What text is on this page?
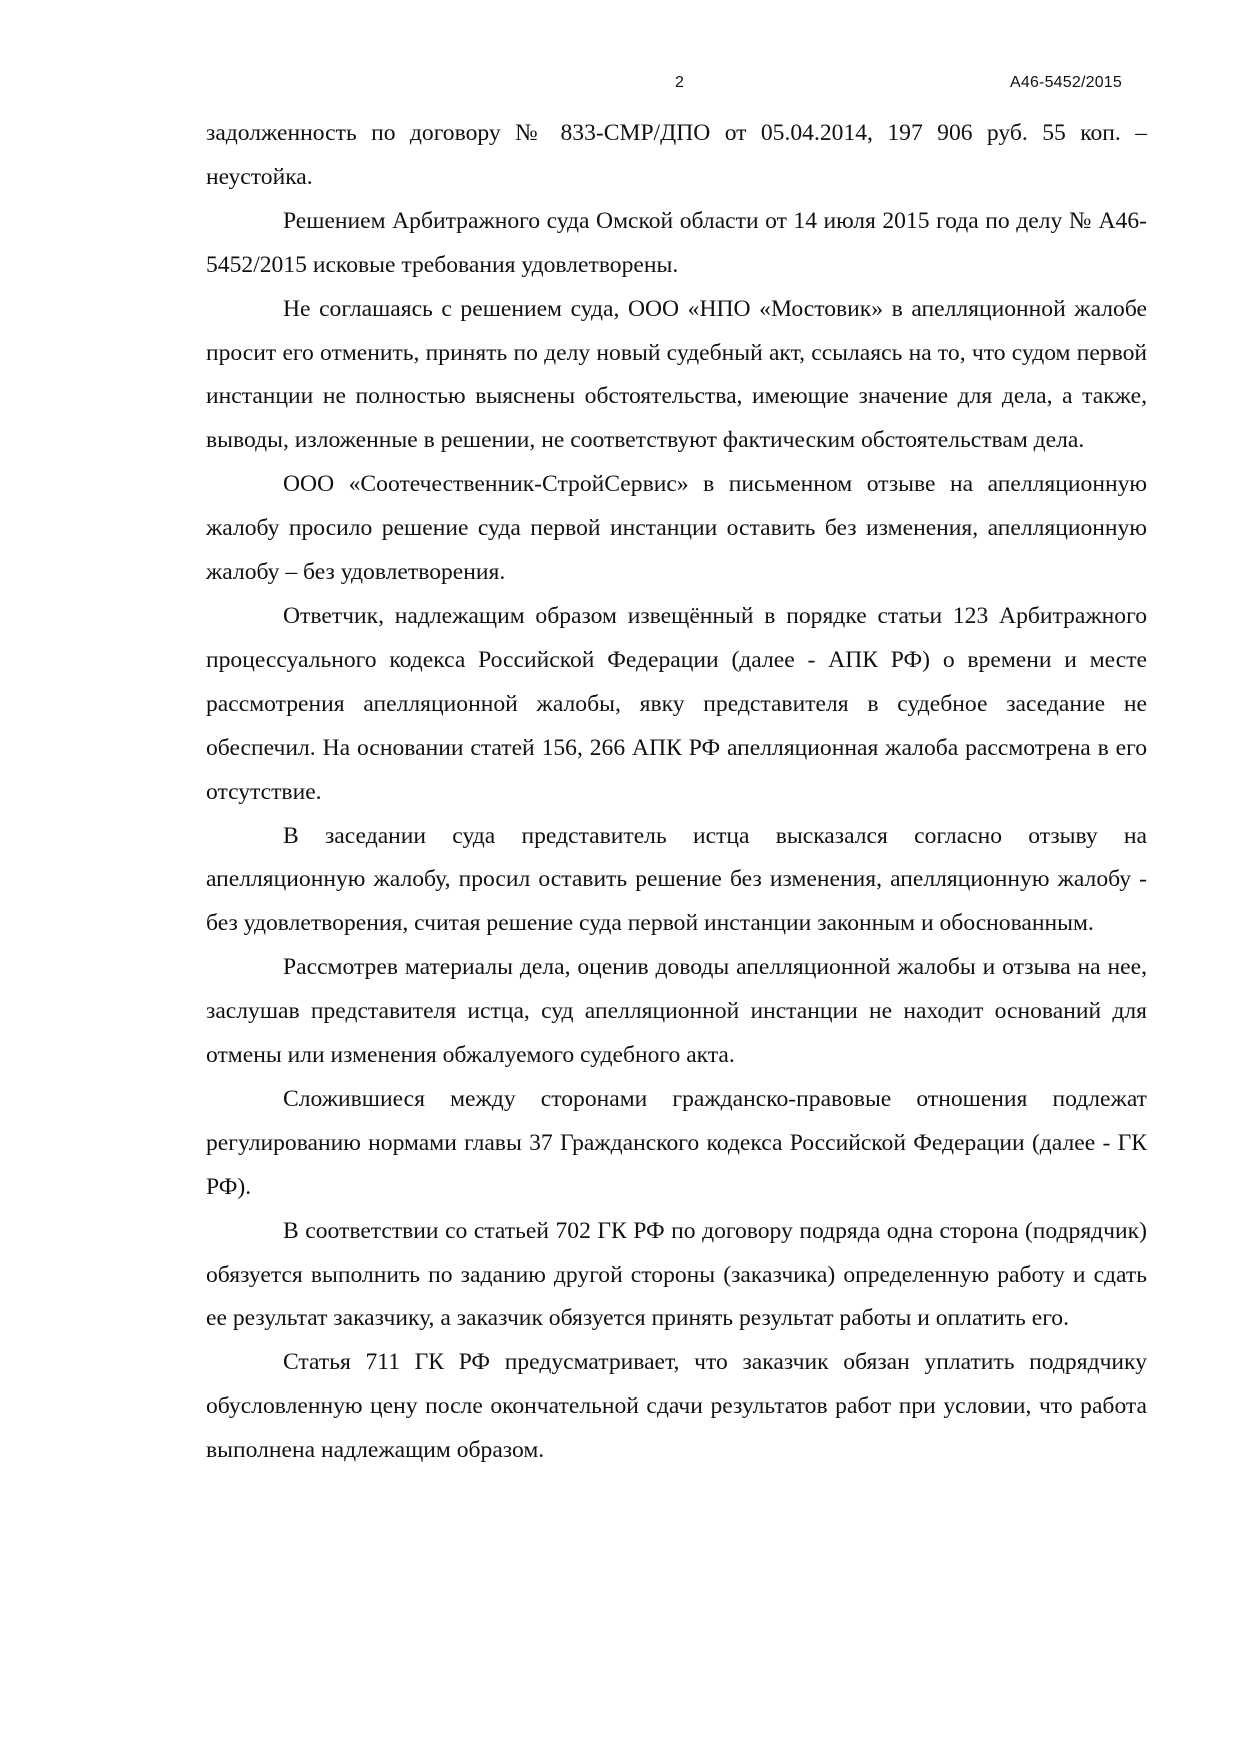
2	А46-5452/2015

задолженность по договору № 833-СМР/ДПО от 05.04.2014, 197 906 руб. 55 коп. – неустойка.

Решением Арбитражного суда Омской области от 14 июля 2015 года по делу № А46-5452/2015 исковые требования удовлетворены.

Не соглашаясь с решением суда, ООО «НПО «Мостовик» в апелляционной жалобе просит его отменить, принять по делу новый судебный акт, ссылаясь на то, что судом первой инстанции не полностью выяснены обстоятельства, имеющие значение для дела, а также, выводы, изложенные в решении, не соответствуют фактическим обстоятельствам дела.

ООО «Соотечественник-СтройСервис» в письменном отзыве на апелляционную жалобу просило решение суда первой инстанции оставить без изменения, апелляционную жалобу – без удовлетворения.

Ответчик, надлежащим образом извещённый в порядке статьи 123 Арбитражного процессуального кодекса Российской Федерации (далее - АПК РФ) о времени и месте рассмотрения апелляционной жалобы, явку представителя в судебное заседание не обеспечил. На основании статей 156, 266 АПК РФ апелляционная жалоба рассмотрена в его отсутствие.

В заседании суда представитель истца высказался согласно отзыву на апелляционную жалобу, просил оставить решение без изменения, апелляционную жалобу - без удовлетворения, считая решение суда первой инстанции законным и обоснованным.

Рассмотрев материалы дела, оценив доводы апелляционной жалобы и отзыва на нее, заслушав представителя истца, суд апелляционной инстанции не находит оснований для отмены или изменения обжалуемого судебного акта.

Сложившиеся между сторонами гражданско-правовые отношения подлежат регулированию нормами главы 37 Гражданского кодекса Российской Федерации (далее - ГК РФ).

В соответствии со статьей 702 ГК РФ по договору подряда одна сторона (подрядчик) обязуется выполнить по заданию другой стороны (заказчика) определенную работу и сдать ее результат заказчику, а заказчик обязуется принять результат работы и оплатить его.

Статья 711 ГК РФ предусматривает, что заказчик обязан уплатить подрядчику обусловленную цену после окончательной сдачи результатов работ при условии, что работа выполнена надлежащим образом.
